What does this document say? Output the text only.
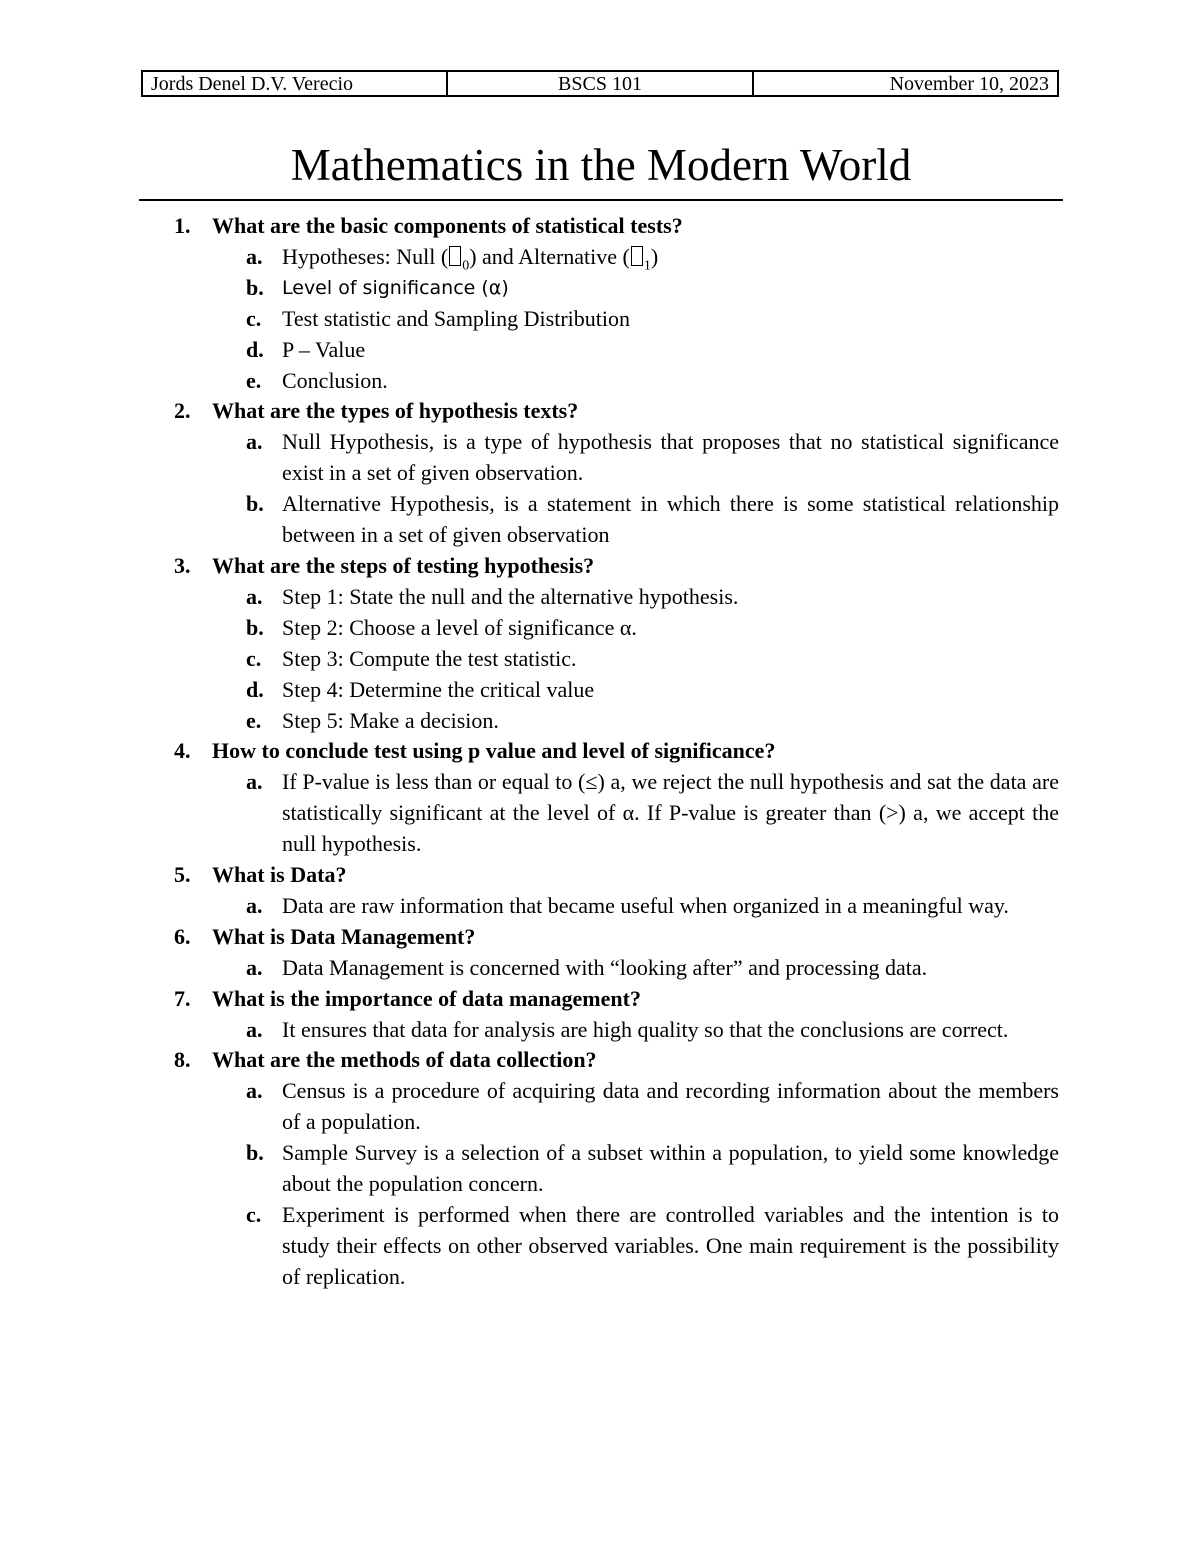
Jords Denel D.V. Verecio	BSCS 101	November 10, 2023
Mathematics in the Modern World
1. What are the basic components of statistical tests?
a. Hypotheses: Null ( $_0$) and Alternative ( $_1$)
b. Level of significance (α)
c. Test statistic and Sampling Distribution
d. P – Value
e. Conclusion.
2. What are the types of hypothesis texts?
a. Null Hypothesis, is a type of hypothesis that proposes that no statistical significance exist in a set of given observation.
b. Alternative Hypothesis, is a statement in which there is some statistical relationship between in a set of given observation
3. What are the steps of testing hypothesis?
a. Step 1: State the null and the alternative hypothesis.
b. Step 2: Choose a level of significance α.
c. Step 3: Compute the test statistic.
d. Step 4: Determine the critical value
e. Step 5: Make a decision.
4. How to conclude test using p value and level of significance?
a. If P-value is less than or equal to (≤) a, we reject the null hypothesis and sat the data are statistically significant at the level of α. If P-value is greater than (>) a, we accept the null hypothesis.
5. What is Data?
a. Data are raw information that became useful when organized in a meaningful way.
6. What is Data Management?
a. Data Management is concerned with “looking after” and processing data.
7. What is the importance of data management?
a. It ensures that data for analysis are high quality so that the conclusions are correct.
8. What are the methods of data collection?
a. Census is a procedure of acquiring data and recording information about the members of a population.
b. Sample Survey is a selection of a subset within a population, to yield some knowledge about the population concern.
c. Experiment is performed when there are controlled variables and the intention is to study their effects on other observed variables. One main requirement is the possibility of replication.
